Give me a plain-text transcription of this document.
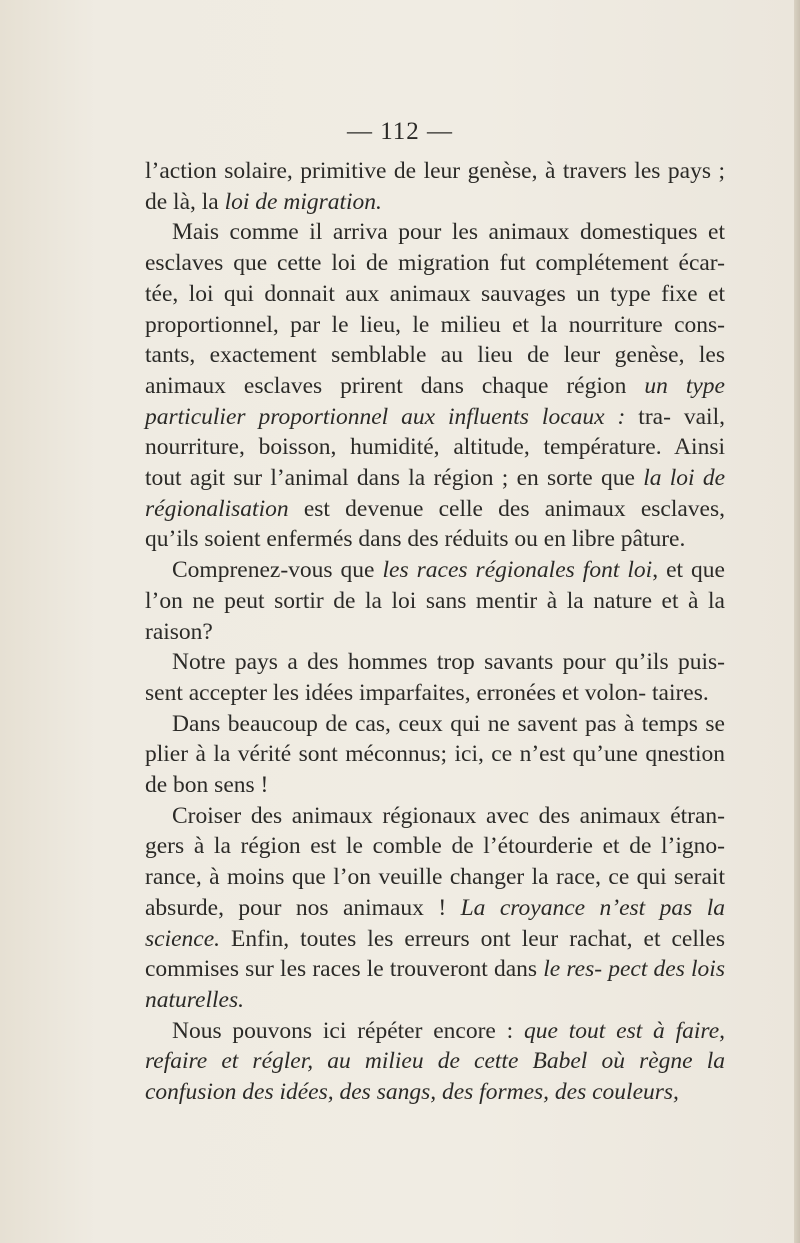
— 112 —

l’action solaire, primitive de leur genèse, à travers les pays ; de là, la loi de migration.

Mais comme il arriva pour les animaux domestiques et esclaves que cette loi de migration fut complétement écar- tée, loi qui donnait aux animaux sauvages un type fixe et proportionnel, par le lieu, le milieu et la nourriture cons- tants, exactement semblable au lieu de leur genèse, les animaux esclaves prirent dans chaque région un type particulier proportionnel aux influents locaux : tra- vail, nourriture, boisson, humidité, altitude, température. Ainsi tout agit sur l’animal dans la région ; en sorte que la loi de régionalisation est devenue celle des animaux esclaves, qu’ils soient enfermés dans des réduits ou en libre pâture.

Comprenez-vous que les races régionales font loi, et que l’on ne peut sortir de la loi sans mentir à la nature et à la raison?

Notre pays a des hommes trop savants pour qu’ils puis- sent accepter les idées imparfaites, erronées et volon- taires.

Dans beaucoup de cas, ceux qui ne savent pas à temps se plier à la vérité sont méconnus; ici, ce n’est qu’une qnestion de bon sens !

Croiser des animaux régionaux avec des animaux étran- gers à la région est le comble de l’étourderie et de l’igno- rance, à moins que l’on veuille changer la race, ce qui serait absurde, pour nos animaux ! La croyance n’est pas la science. Enfin, toutes les erreurs ont leur rachat, et celles commises sur les races le trouveront dans le res- pect des lois naturelles.

Nous pouvons ici répéter encore : que tout est à faire, refaire et régler, au milieu de cette Babel où règne la confusion des idées, des sangs, des formes, des couleurs,
